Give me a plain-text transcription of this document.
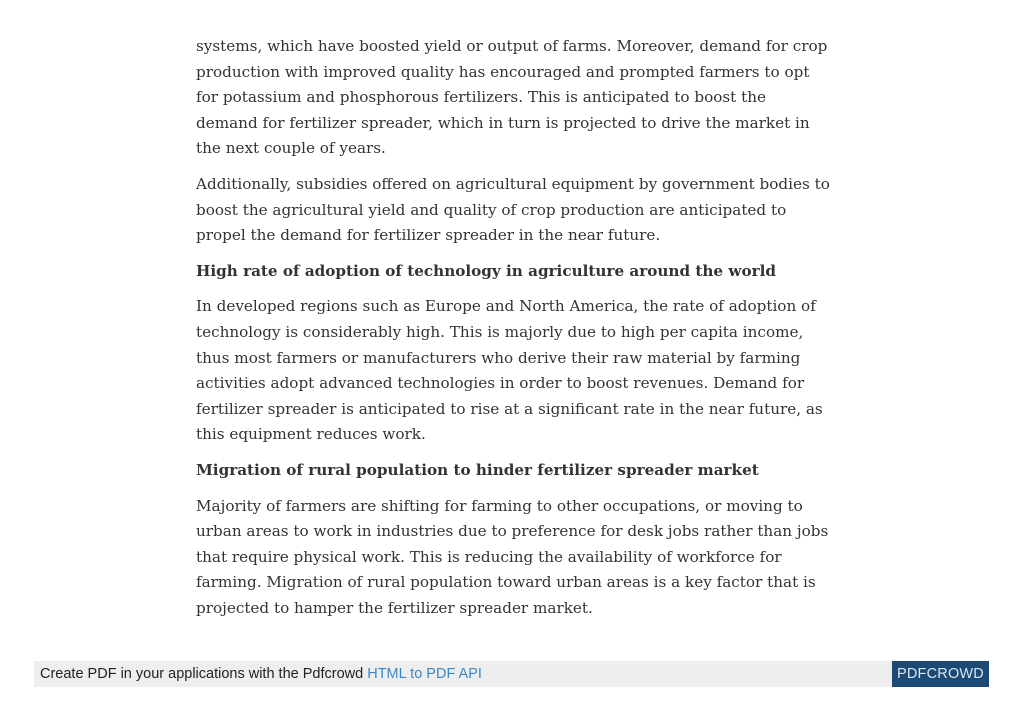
systems, which have boosted yield or output of farms. Moreover, demand for crop production with improved quality has encouraged and prompted farmers to opt for potassium and phosphorous fertilizers. This is anticipated to boost the demand for fertilizer spreader, which in turn is projected to drive the market in the next couple of years.

Additionally, subsidies offered on agricultural equipment by government bodies to boost the agricultural yield and quality of crop production are anticipated to propel the demand for fertilizer spreader in the near future.

High rate of adoption of technology in agriculture around the world

In developed regions such as Europe and North America, the rate of adoption of technology is considerably high. This is majorly due to high per capita income, thus most farmers or manufacturers who derive their raw material by farming activities adopt advanced technologies in order to boost revenues. Demand for fertilizer spreader is anticipated to rise at a significant rate in the near future, as this equipment reduces work.

Migration of rural population to hinder fertilizer spreader market

Majority of farmers are shifting for farming to other occupations, or moving to urban areas to work in industries due to preference for desk jobs rather than jobs that require physical work. This is reducing the availability of workforce for farming. Migration of rural population toward urban areas is a key factor that is projected to hamper the fertilizer spreader market.

Create PDF in your applications with the Pdfcrowd HTML to PDF API	PDFCROWD
